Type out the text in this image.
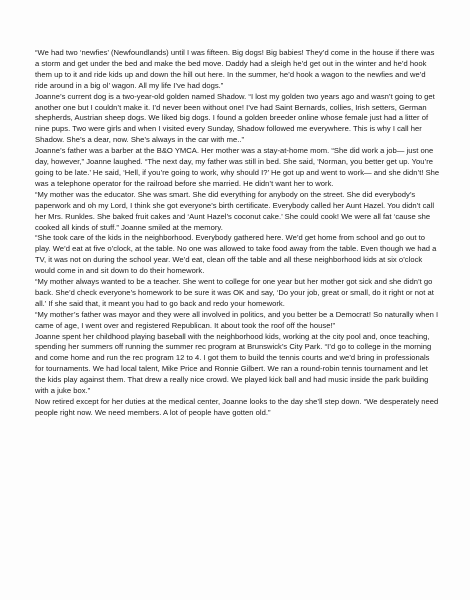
“We had two ‘newfies’ (Newfoundlands) until I was fifteen. Big dogs! Big babies! They’d come in the house if there was a storm and get under the bed and make the bed move. Daddy had a sleigh he’d get out in the winter and he’d hook them up to it and ride kids up and down the hill out here. In the summer, he’d hook a wagon to the newfies and we’d ride around in a big ol’ wagon. All my life I’ve had dogs.”

Joanne’s current dog is a two-year-old golden named Shadow. “I lost my golden two years ago and wasn’t going to get another one but I couldn’t make it. I’d never been without one! I’ve had Saint Bernards, collies, Irish setters, German shepherds, Austrian sheep dogs. We liked big dogs. I found a golden breeder online whose female just had a litter of nine pups. Two were girls and when I visited every Sunday, Shadow followed me everywhere. This is why I call her Shadow. She’s a dear, now. She’s always in the car with me..”

Joanne’s father was a barber at the B&O YMCA. Her mother was a stay-at-home mom. “She did work a job— just one day, however,” Joanne laughed. “The next day, my father was still in bed. She said, ‘Norman, you better get up. You’re going to be late.’ He said, ‘Hell, if you’re going to work, why should I?’ He got up and went to work— and she didn’t! She was a telephone operator for the railroad before she married. He didn’t want her to work.

“My mother was the educator. She was smart. She did everything for anybody on the street. She did everybody’s paperwork and oh my Lord, I think she got everyone’s birth certificate. Everybody called her Aunt Hazel. You didn’t call her Mrs. Runkles. She baked fruit cakes and ‘Aunt Hazel’s coconut cake.’ She could cook! We were all fat ‘cause she cooked all kinds of stuff.” Joanne smiled at the memory.

“She took care of the kids in the neighborhood. Everybody gathered here. We’d get home from school and go out to play. We’d eat at five o’clock, at the table. No one was allowed to take food away from the table. Even though we had a TV, it was not on during the school year. We’d eat, clean off the table and all these neighborhood kids at six o’clock would come in and sit down to do their homework.

“My mother always wanted to be a teacher. She went to college for one year but her mother got sick and she didn’t go back. She’d check everyone’s homework to be sure it was OK and say, ‘Do your job, great or small, do it right or not at all.’ If she said that, it meant you had to go back and redo your homework.

“My mother’s father was mayor and they were all involved in politics, and you better be a Democrat! So naturally when I came of age, I went over and registered Republican. It about took the roof off the house!”

Joanne spent her childhood playing baseball with the neighborhood kids, working at the city pool and, once teaching, spending her summers off running the summer rec program at Brunswick’s City Park. “I’d go to college in the morning and come home and run the rec program 12 to 4. I got them to build the tennis courts and we’d bring in professionals for tournaments. We had local talent, Mike Price and Ronnie Gilbert. We ran a round-robin tennis tournament and let the kids play against them. That drew a really nice crowd. We played kick ball and had music inside the park building with a juke box.”

Now retired except for her duties at the medical center, Joanne looks to the day she’ll step down. “We desperately need people right now. We need members. A lot of people have gotten old.”
